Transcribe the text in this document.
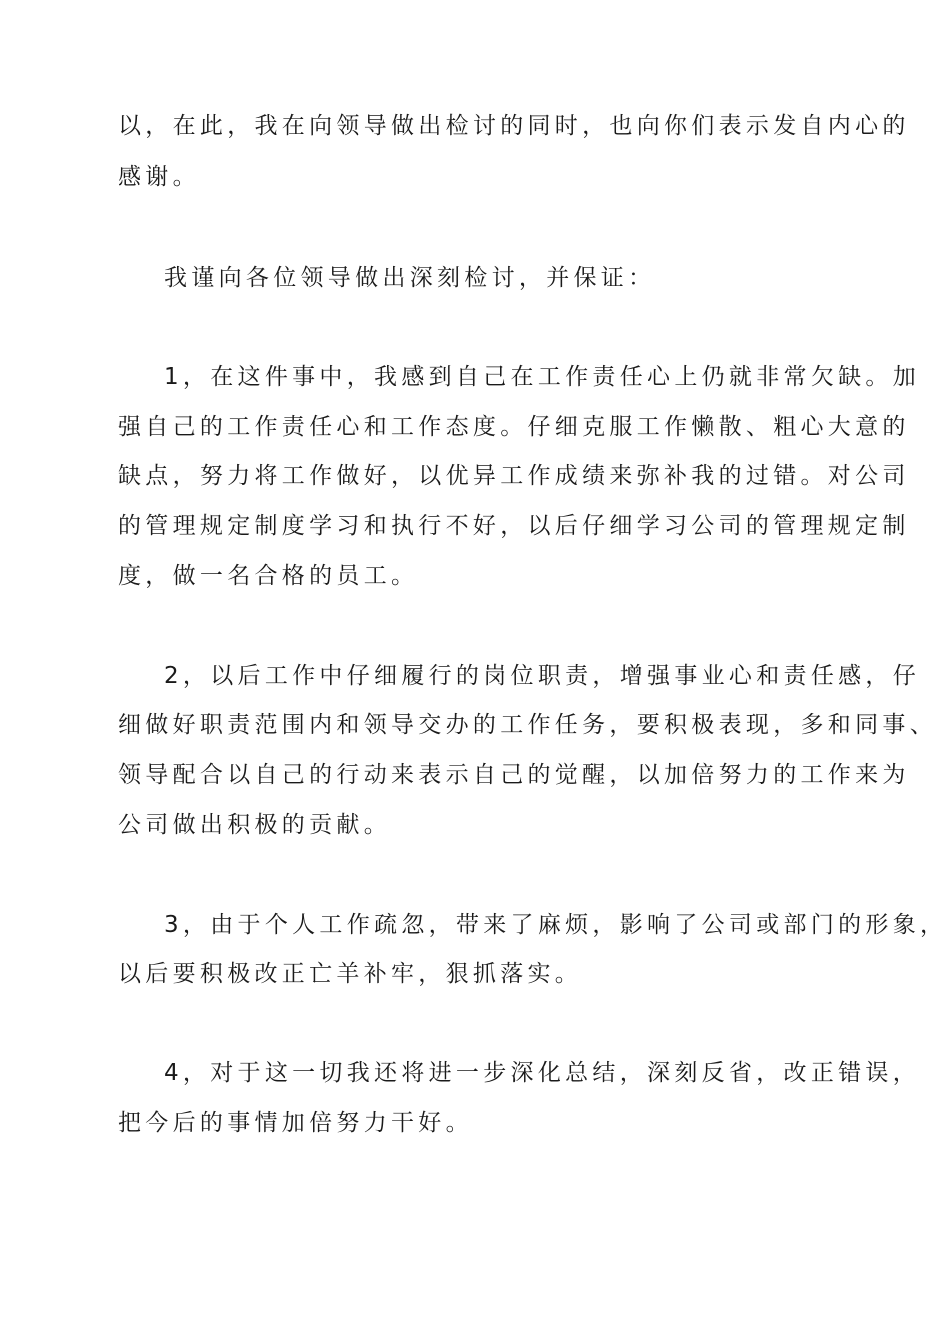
以，在此，我在向领导做出检讨的同时，也向你们表示发自内心的
感谢。
我谨向各位领导做出深刻检讨，并保证：
1，在这件事中，我感到自己在工作责任心上仍就非常欠缺。加
强自己的工作责任心和工作态度。仔细克服工作懒散、粗心大意的
缺点，努力将工作做好，以优异工作成绩来弥补我的过错。对公司
的管理规定制度学习和执行不好，以后仔细学习公司的管理规定制
度，做一名合格的员工。
2，以后工作中仔细履行的岗位职责，增强事业心和责任感，仔
细做好职责范围内和领导交办的工作任务，要积极表现，多和同事、
领导配合以自己的行动来表示自己的觉醒，以加倍努力的工作来为
公司做出积极的贡献。
3，由于个人工作疏忽，带来了麻烦，影响了公司或部门的形象，
以后要积极改正亡羊补牢，狠抓落实。
4，对于这一切我还将进一步深化总结，深刻反省，改正错误，
把今后的事情加倍努力干好。
